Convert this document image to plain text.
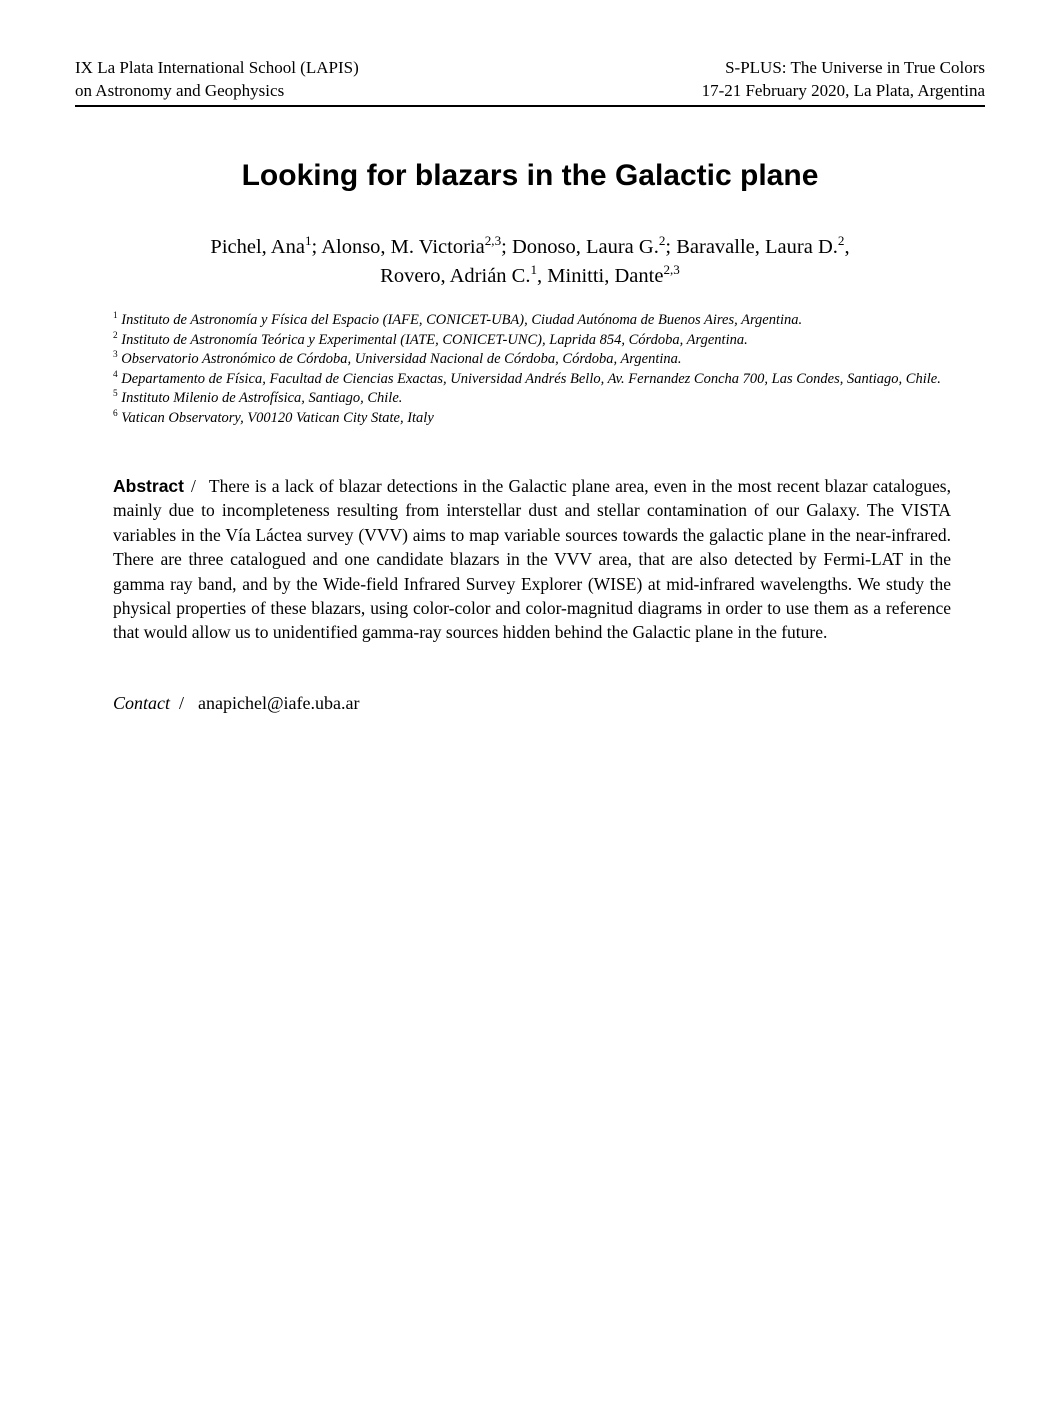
IX La Plata International School (LAPIS)
on Astronomy and Geophysics
S-PLUS: The Universe in True Colors
17-21 February 2020, La Plata, Argentina
Looking for blazars in the Galactic plane
Pichel, Ana$^1$; Alonso, M. Victoria$^{2,3}$; Donoso, Laura G.$^2$; Baravalle, Laura D.$^2$,
Rovero, Adrián C.$^1$, Minitti, Dante$^{2,3}$
$^1$ Instituto de Astronomía y Física del Espacio (IAFE, CONICET-UBA), Ciudad Autónoma de Buenos Aires, Argentina.
$^2$ Instituto de Astronomía Teórica y Experimental (IATE, CONICET-UNC), Laprida 854, Córdoba, Argentina.
$^3$ Observatorio Astronómico de Córdoba, Universidad Nacional de Córdoba, Córdoba, Argentina.
$^4$ Departamento de Física, Facultad de Ciencias Exactas, Universidad Andrés Bello, Av. Fernandez Concha 700, Las Condes, Santiago, Chile.
$^5$ Instituto Milenio de Astrofísica, Santiago, Chile.
$^6$ Vatican Observatory, V00120 Vatican City State, Italy

Abstract / There is a lack of blazar detections in the Galactic plane area, even in the most recent blazar catalogues, mainly due to incompleteness resulting from interstellar dust and stellar contamination of our Galaxy. The VISTA variables in the Vía Láctea survey (VVV) aims to map variable sources towards the galactic plane in the near-infrared. There are three catalogued and one candidate blazars in the VVV area, that are also detected by Fermi-LAT in the gamma ray band, and by the Wide-field Infrared Survey Explorer (WISE) at mid-infrared wavelengths. We study the physical properties of these blazars, using color-color and color-magnitud diagrams in order to use them as a reference that would allow us to unidentified gamma-ray sources hidden behind the Galactic plane in the future.

Contact / anapichel@iafe.uba.ar
